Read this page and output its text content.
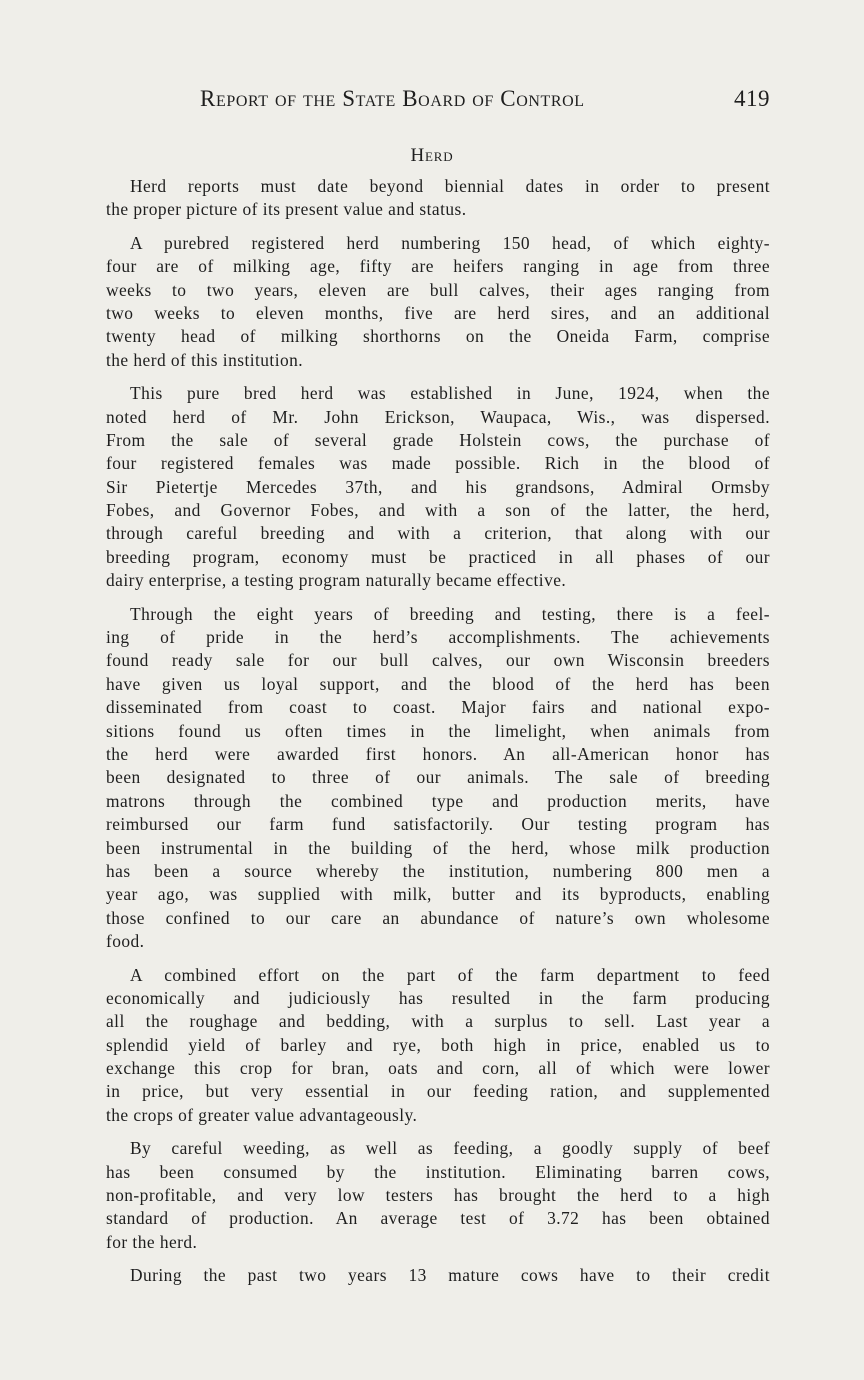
Report of the State Board of Control	419
Herd
Herd reports must date beyond biennial dates in order to present
the proper picture of its present value and status.
A purebred registered herd numbering 150 head, of which eighty-
four are of milking age, fifty are heifers ranging in age from three
weeks to two years, eleven are bull calves, their ages ranging from
two weeks to eleven months, five are herd sires, and an additional
twenty head of milking shorthorns on the Oneida Farm, comprise
the herd of this institution.
This pure bred herd was established in June, 1924, when the
noted herd of Mr. John Erickson, Waupaca, Wis., was dispersed.
From the sale of several grade Holstein cows, the purchase of
four registered females was made possible. Rich in the blood of
Sir Pietertje Mercedes 37th, and his grandsons, Admiral Ormsby
Fobes, and Governor Fobes, and with a son of the latter, the herd,
through careful breeding and with a criterion, that along with our
breeding program, economy must be practiced in all phases of our
dairy enterprise, a testing program naturally became effective.
Through the eight years of breeding and testing, there is a feel-
ing of pride in the herd’s accomplishments. The achievements
found ready sale for our bull calves, our own Wisconsin breeders
have given us loyal support, and the blood of the herd has been
disseminated from coast to coast. Major fairs and national expo-
sitions found us often times in the limelight, when animals from
the herd were awarded first honors. An all-American honor has
been designated to three of our animals. The sale of breeding
matrons through the combined type and production merits, have
reimbursed our farm fund satisfactorily. Our testing program has
been instrumental in the building of the herd, whose milk production
has been a source whereby the institution, numbering 800 men a
year ago, was supplied with milk, butter and its byproducts, enabling
those confined to our care an abundance of nature’s own wholesome
food.
A combined effort on the part of the farm department to feed
economically and judiciously has resulted in the farm producing
all the roughage and bedding, with a surplus to sell. Last year a
splendid yield of barley and rye, both high in price, enabled us to
exchange this crop for bran, oats and corn, all of which were lower
in price, but very essential in our feeding ration, and supplemented
the crops of greater value advantageously.
By careful weeding, as well as feeding, a goodly supply of beef
has been consumed by the institution. Eliminating barren cows,
non-profitable, and very low testers has brought the herd to a high
standard of production. An average test of 3.72 has been obtained
for the herd.
During the past two years 13 mature cows have to their credit
